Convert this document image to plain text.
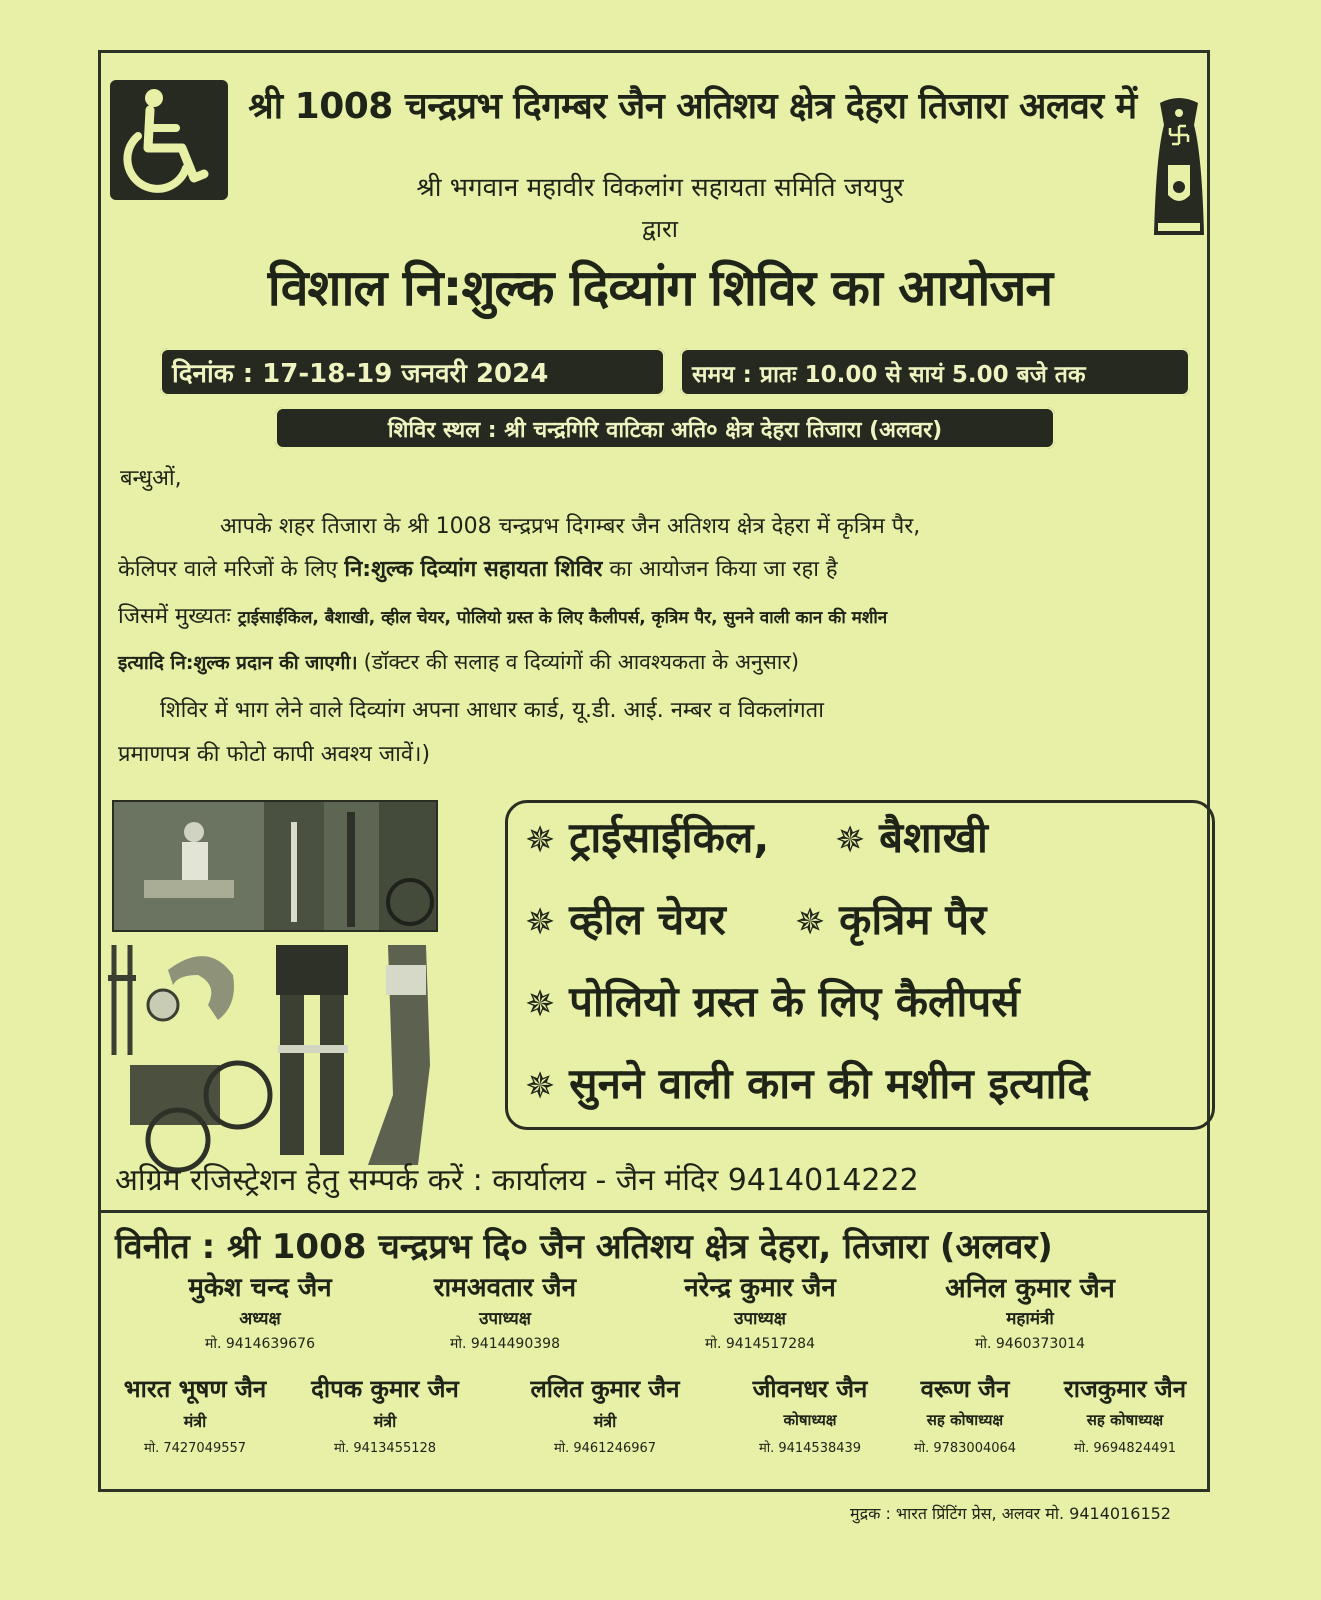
श्री 1008 चन्द्रप्रभ दिगम्बर जैन अतिशय क्षेत्र देहरा तिजारा अलवर में
श्री भगवान महावीर विकलांग सहायता समिति जयपुर
द्वारा
विशाल नि:शुल्क दिव्यांग शिविर का आयोजन
दिनांक : 17-18-19 जनवरी 2024	समय : प्रातः 10.00 से सायं 5.00 बजे तक
शिविर स्थल : श्री चन्द्रगिरि वाटिका अति० क्षेत्र देहरा तिजारा (अलवर)
बन्धुओं,
आपके शहर तिजारा के श्री 1008 चन्द्रप्रभ दिगम्बर जैन अतिशय क्षेत्र देहरा में कृत्रिम पैर,
केलिपर वाले मरिजों के लिए नि:शुल्क दिव्यांग सहायता शिविर का आयोजन किया जा रहा है
जिसमें मुख्यतः ट्राईसाईकिल, बैशाखी, व्हील चेयर, पोलियो ग्रस्त के लिए कैलीपर्स, कृत्रिम पैर, सुनने वाली कान की मशीन
इत्यादि नि:शुल्क प्रदान की जाएगी। (डॉक्टर की सलाह व दिव्यांगों की आवश्यकता के अनुसार)
शिविर में भाग लेने वाले दिव्यांग अपना आधार कार्ड, यू.डी. आई. नम्बर व विकलांगता
प्रमाणपत्र की फोटो कापी अवश्य जावें।)
✵ ट्राईसाईकिल, ✵ बैशाखी
✵ व्हील चेयर ✵ कृत्रिम पैर
✵ पोलियो ग्रस्त के लिए कैलीपर्स
✵ सुनने वाली कान की मशीन इत्यादि
अग्रिम रजिस्ट्रेशन हेतु सम्पर्क करें : कार्यालय - जैन मंदिर 9414014222
विनीत : श्री 1008 चन्द्रप्रभ दि० जैन अतिशय क्षेत्र देहरा, तिजारा (अलवर)
मुकेश चन्द जैन
अध्यक्ष
मो. 9414639676
रामअवतार जैन
उपाध्यक्ष
मो. 9414490398
नरेन्द्र कुमार जैन
उपाध्यक्ष
मो. 9414517284
अनिल कुमार जैन
महामंत्री
मो. 9460373014
भारत भूषण जैन
मंत्री
मो. 7427049557
दीपक कुमार जैन
मंत्री
मो. 9413455128
ललित कुमार जैन
मंत्री
मो. 9461246967
जीवनधर जैन
कोषाध्यक्ष
मो. 9414538439
वरूण जैन
सह कोषाध्यक्ष
मो. 9783004064
राजकुमार जैन
सह कोषाध्यक्ष
मो. 9694824491
मुद्रक : भारत प्रिंटिंग प्रेस, अलवर मो. 9414016152
